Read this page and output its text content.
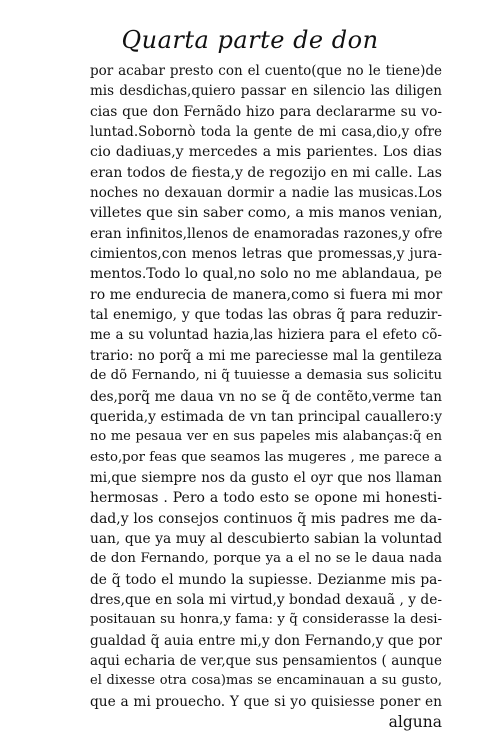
Quarta parte de don
por acabar presto con el cuento(que no le tiene)de
mis desdichas,quiero passar en silencio las diligen
cias que don Fernãdo hizo para declararme su vo-
luntad.Sobornò toda la gente de mi casa,dio,y ofre
cio dadiuas,y mercedes a mis parientes. Los dias
eran todos de fiesta,y de regozijo en mi calle. Las
noches no dexauan dormir a nadie las musicas.Los
villetes que sin saber como, a mis manos venian,
eran infinitos,llenos de enamoradas razones,y ofre
cimientos,con menos letras que promessas,y jura-
mentos.Todo lo qual,no solo no me ablandaua, pe
ro me endurecia de manera,como si fuera mi mor
tal enemigo, y que todas las obras q̃ para reduzir-
me a su voluntad hazia,las hiziera para el efeto cõ-
trario: no porq̃ a mi me pareciesse mal la gentileza
de dõ Fernando, ni q̃ tuuiesse a demasia sus solicitu
des,porq̃ me daua vn no se q̃ de contẽto,verme tan
querida,y estimada de vn tan principal cauallero:y
no me pesaua ver en sus papeles mis alabanças:q̃ en
esto,por feas que seamos las mugeres , me parece a
mi,que siempre nos da gusto el oyr que nos llaman
hermosas . Pero a todo esto se opone mi honesti-
dad,y los consejos continuos q̃ mis padres me da-
uan, que ya muy al descubierto sabian la voluntad
de don Fernando, porque ya a el no se le daua nada
de q̃ todo el mundo la supiesse. Dezianme mis pa-
dres,que en sola mi virtud,y bondad dexauã , y de-
positauan su honra,y fama: y q̃ considerasse la desi-
gualdad q̃ auia entre mi,y don Fernando,y que por
aqui echaria de ver,que sus pensamientos ( aunque
el dixesse otra cosa)mas se encaminauan a su gusto,
que a mi prouecho. Y que si yo quisiesse poner en
alguna
